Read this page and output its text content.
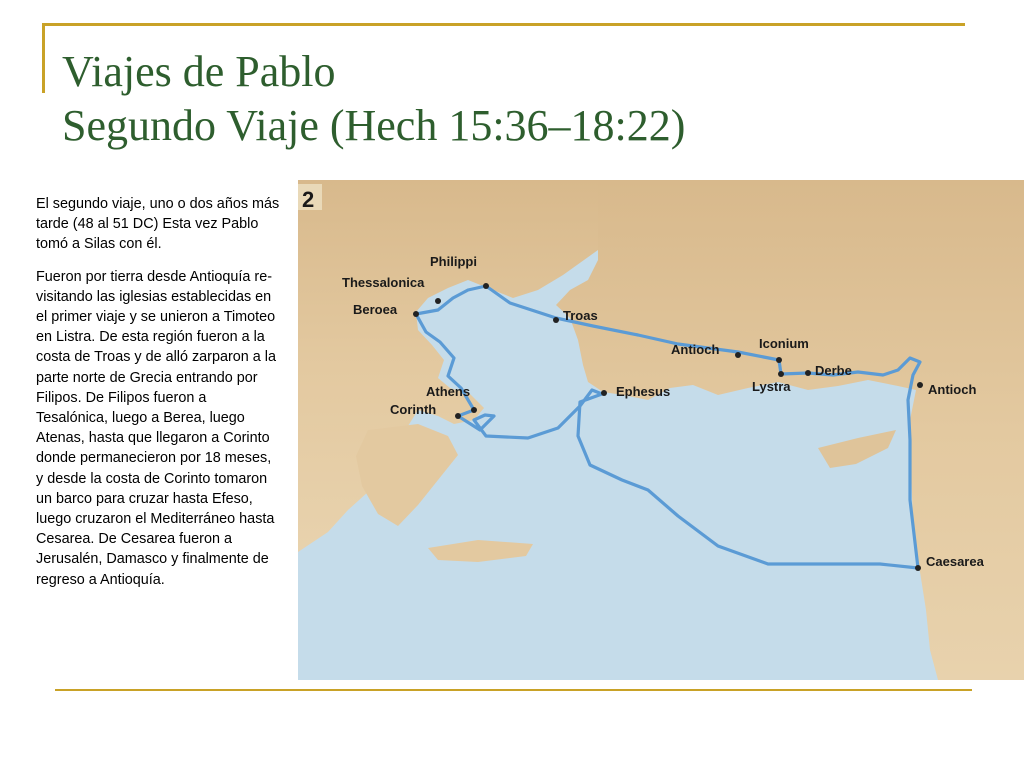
Viajes de Pablo
Segundo Viaje (Hech 15:36–18:22)

El segundo viaje, uno o dos años más tarde (48 al 51 DC) Esta vez Pablo tomó a Silas con él.

Fueron por tierra desde Antioquía re-visitando las iglesias establecidas en el primer viaje y se unieron a Timoteo en Listra. De esta región fueron a la costa de Troas y de alló zarparon a la parte norte de Grecia entrando por Filipos. De Filipos fueron a Tesalónica, luego a Berea, luego Atenas, hasta que llegaron a Corinto donde permanecieron por 18 meses, y desde la costa de Corinto tomaron un barco para cruzar hasta Efeso, luego cruzaron el Mediterráneo hasta Cesarea. De Cesarea fueron a Jerusalén, Damasco y finalmente de regreso a Antioquía.

2
Philippi
Thessalonica
Beroea	Troas
Antioch	Iconium
Derbe
Lystra	Antioch
Athens
Corinth
Ephesus
Caesarea
